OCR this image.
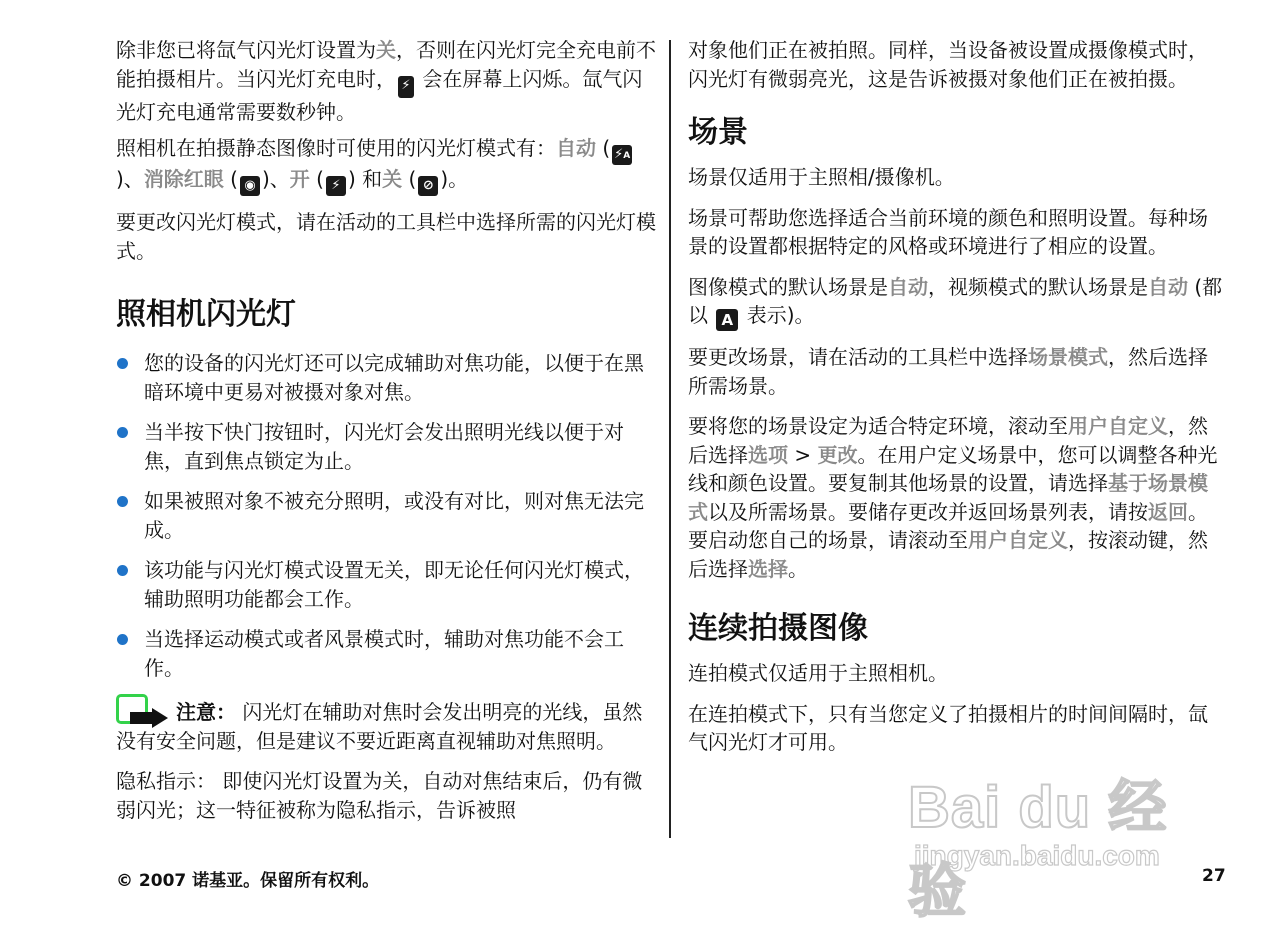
除非您已将氙气闪光灯设置为关，否则在闪光灯完全充电前不能拍摄相片。当闪光灯充电时， ⚡ 会在屏幕上闪烁。氙气闪光灯充电通常需要数秒钟。

照相机在拍摄静态图像时可使用的闪光灯模式有：自动 ( ⚡A)、消除红眼 ( ◉ )、开 ( ⚡ ) 和关 ( ⊘ )。

要更改闪光灯模式，请在活动的工具栏中选择所需的闪光灯模式。

照相机闪光灯
您的设备的闪光灯还可以完成辅助对焦功能，以便于在黑暗环境中更易对被摄对象对焦。
当半按下快门按钮时，闪光灯会发出照明光线以便于对焦，直到焦点锁定为止。
如果被照对象不被充分照明，或没有对比，则对焦无法完成。
该功能与闪光灯模式设置无关，即无论任何闪光灯模式，辅助照明功能都会工作。
当选择运动模式或者风景模式时，辅助对焦功能不会工作。

注意： 闪光灯在辅助对焦时会发出明亮的光线，虽然没有安全问题，但是建议不要近距离直视辅助对焦照明。

隐私指示： 即使闪光灯设置为关，自动对焦结束后，仍有微弱闪光；这一特征被称为隐私指示，告诉被照

对象他们正在被拍照。同样，当设备被设置成摄像模式时，闪光灯有微弱亮光，这是告诉被摄对象他们正在被拍摄。

场景

场景仅适用于主照相/摄像机。

场景可帮助您选择适合当前环境的颜色和照明设置。每种场景的设置都根据特定的风格或环境进行了相应的设置。

图像模式的默认场景是自动，视频模式的默认场景是自动 (都以 A 表示)。

要更改场景，请在活动的工具栏中选择场景模式，然后选择所需场景。

要将您的场景设定为适合特定环境，滚动至用户自定义，然后选择选项 > 更改。在用户定义场景中，您可以调整各种光线和颜色设置。要复制其他场景的设置，请选择基于场景模式以及所需场景。要储存更改并返回场景列表，请按返回。要启动您自己的场景，请滚动至用户自定义，按滚动键，然后选择选择。

连续拍摄图像

连拍模式仅适用于主照相机。

在连拍模式下，只有当您定义了拍摄相片的时间间隔时，氙气闪光灯才可用。

Bai du 经验
jingyan.baidu.com
© 2007 诺基亚。保留所有权利。	27
